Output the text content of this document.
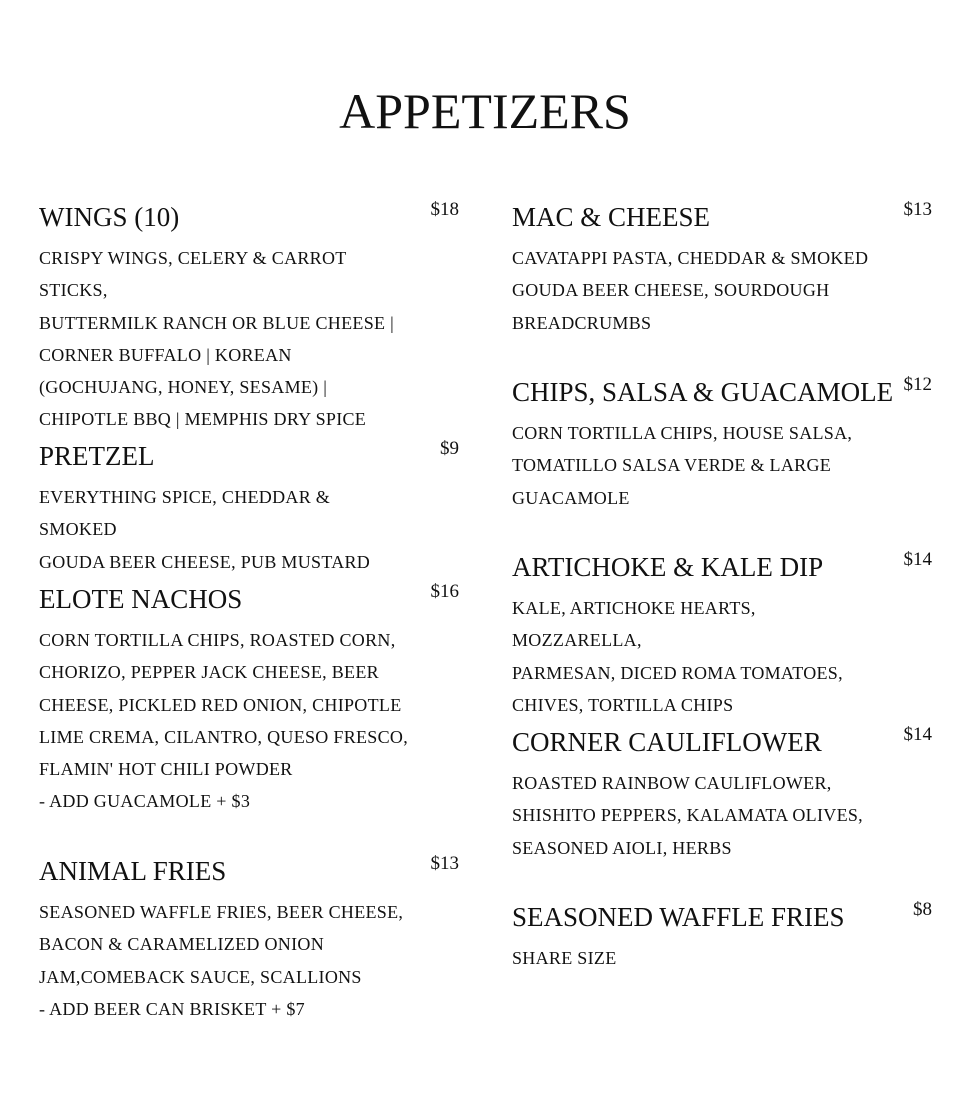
APPETIZERS
WINGS (10)	$18
CRISPY WINGS, CELERY & CARROT STICKS,
BUTTERMILK RANCH OR BLUE CHEESE |
CORNER BUFFALO | KOREAN
(GOCHUJANG, HONEY, SESAME) |
CHIPOTLE BBQ | MEMPHIS DRY SPICE
PRETZEL	$9
EVERYTHING SPICE, CHEDDAR & SMOKED
GOUDA BEER CHEESE, PUB MUSTARD
ELOTE NACHOS	$16
CORN TORTILLA CHIPS, ROASTED CORN,
CHORIZO, PEPPER JACK CHEESE, BEER
CHEESE, PICKLED RED ONION, CHIPOTLE
LIME CREMA, CILANTRO, QUESO FRESCO,
FLAMIN' HOT CHILI POWDER
- ADD GUACAMOLE + $3
ANIMAL FRIES	$13
SEASONED WAFFLE FRIES, BEER CHEESE,
BACON & CARAMELIZED ONION
JAM,COMEBACK SAUCE, SCALLIONS
- ADD BEER CAN BRISKET + $7
MAC & CHEESE	$13
CAVATAPPI PASTA, CHEDDAR & SMOKED
GOUDA BEER CHEESE, SOURDOUGH
BREADCRUMBS
CHIPS, SALSA & GUACAMOLE $12
CORN TORTILLA CHIPS, HOUSE SALSA,
TOMATILLO SALSA VERDE & LARGE
GUACAMOLE
ARTICHOKE & KALE DIP	$14
KALE, ARTICHOKE HEARTS, MOZZARELLA,
PARMESAN, DICED ROMA TOMATOES,
CHIVES, TORTILLA CHIPS
CORNER CAULIFLOWER	$14
ROASTED RAINBOW CAULIFLOWER,
SHISHITO PEPPERS, KALAMATA OLIVES,
SEASONED AIOLI, HERBS
SEASONED WAFFLE FRIES	$8
SHARE SIZE
